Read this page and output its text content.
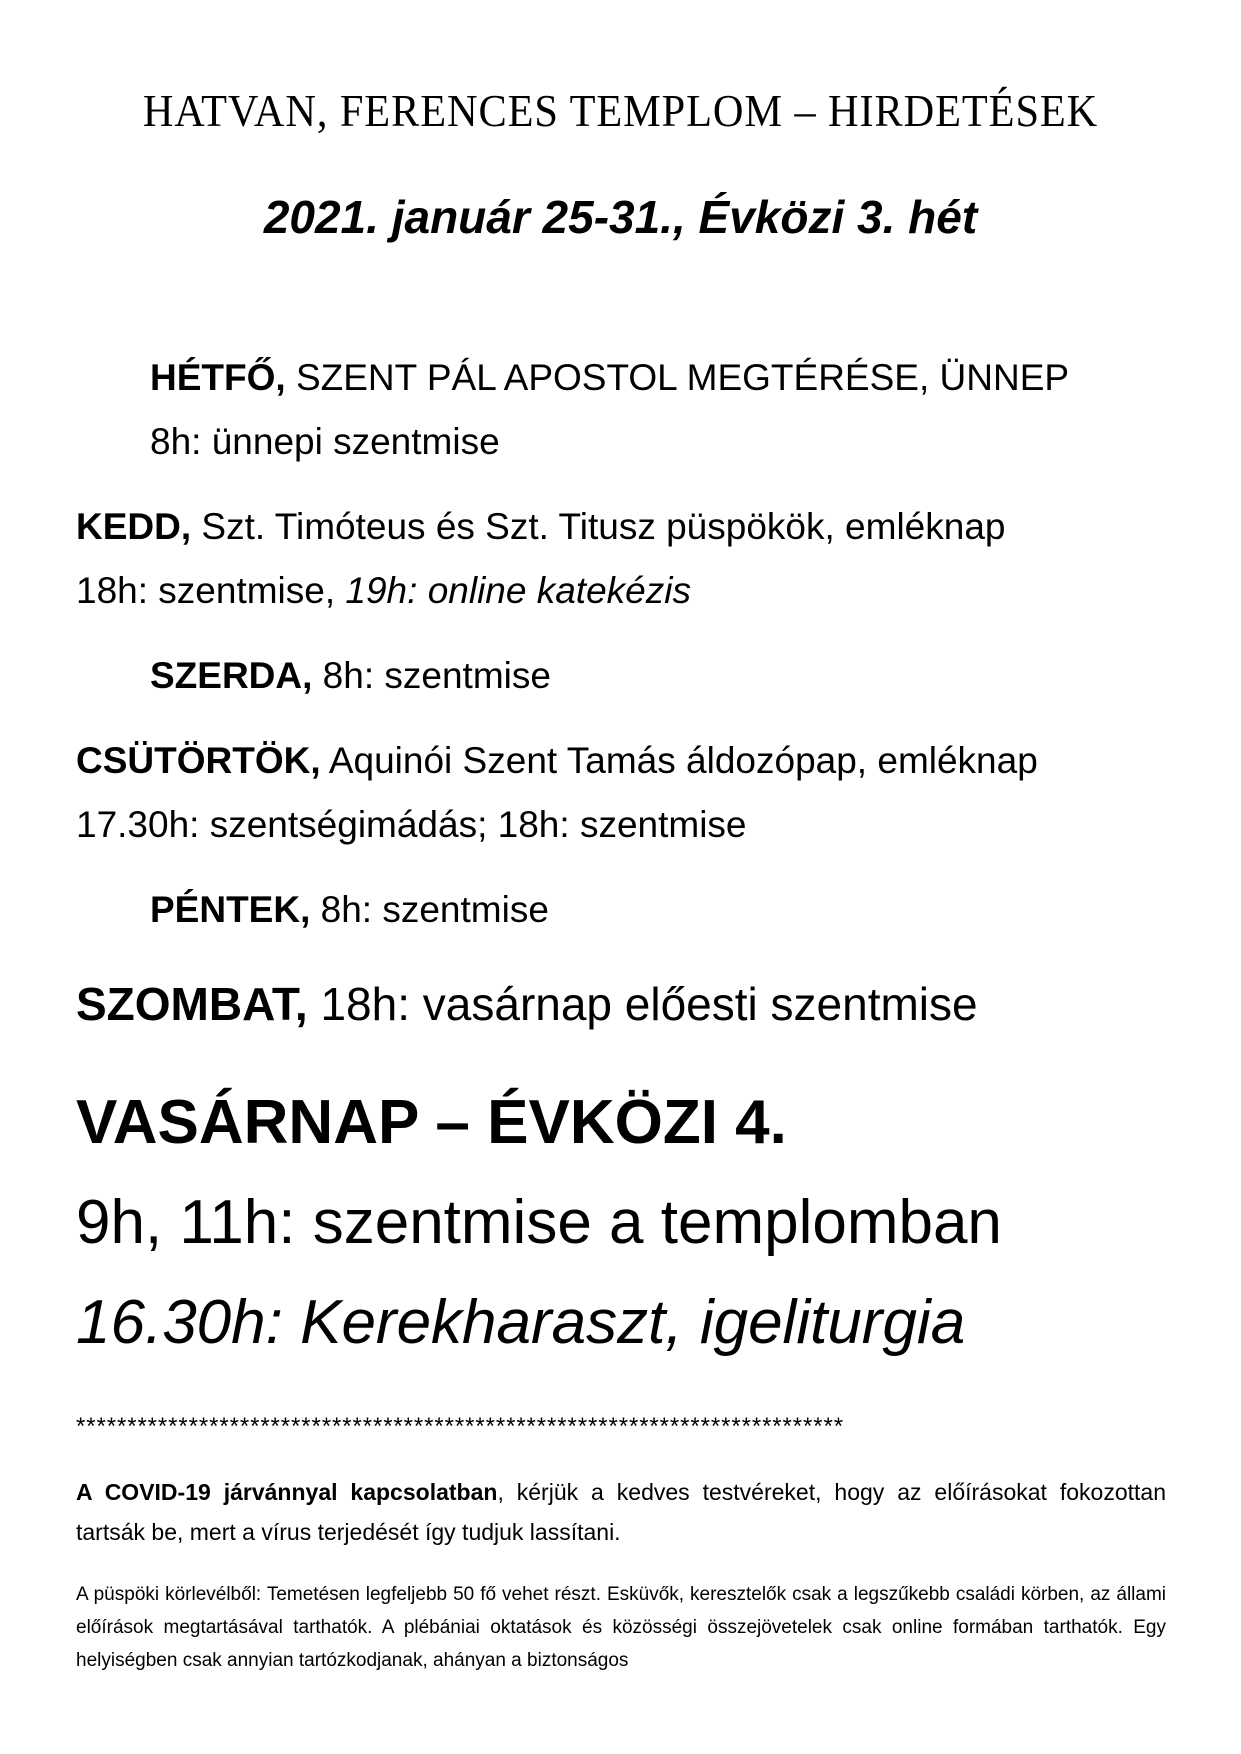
HATVAN, FERENCES TEMPLOM – HIRDETÉSEK
2021. január 25-31., Évközi 3. hét
HÉTFŐ, SZENT PÁL APOSTOL MEGTÉRÉSE, ÜNNEP
8h: ünnepi szentmise
KEDD, Szt. Timóteus és Szt. Titusz püspökök, emléknap
18h: szentmise, 19h: online katekézis
SZERDA, 8h: szentmise
CSÜTÖRTÖK, Aquinói Szent Tamás áldozópap, emléknap
17.30h: szentségimádás; 18h: szentmise
PÉNTEK, 8h: szentmise
SZOMBAT, 18h: vasárnap előesti szentmise
VASÁRNAP – ÉVKÖZI 4.
9h, 11h: szentmise a templomban
16.30h: Kerekharaszt, igeliturgia
***************************************************************************
A COVID-19 járvánnyal kapcsolatban, kérjük a kedves testvéreket, hogy az előírásokat fokozottan tartsák be, mert a vírus terjedését így tudjuk lassítani.
A püspöki körlevélből: Temetésen legfeljebb 50 fő vehet részt. Esküvők, keresztelők csak a legszűkebb családi körben, az állami előírások megtartásával tarthatók. A plébániai oktatások és közösségi összejövetelek csak online formában tarthatók. Egy helyiségben csak annyian tartózkodjanak, ahányan a biztonságos
